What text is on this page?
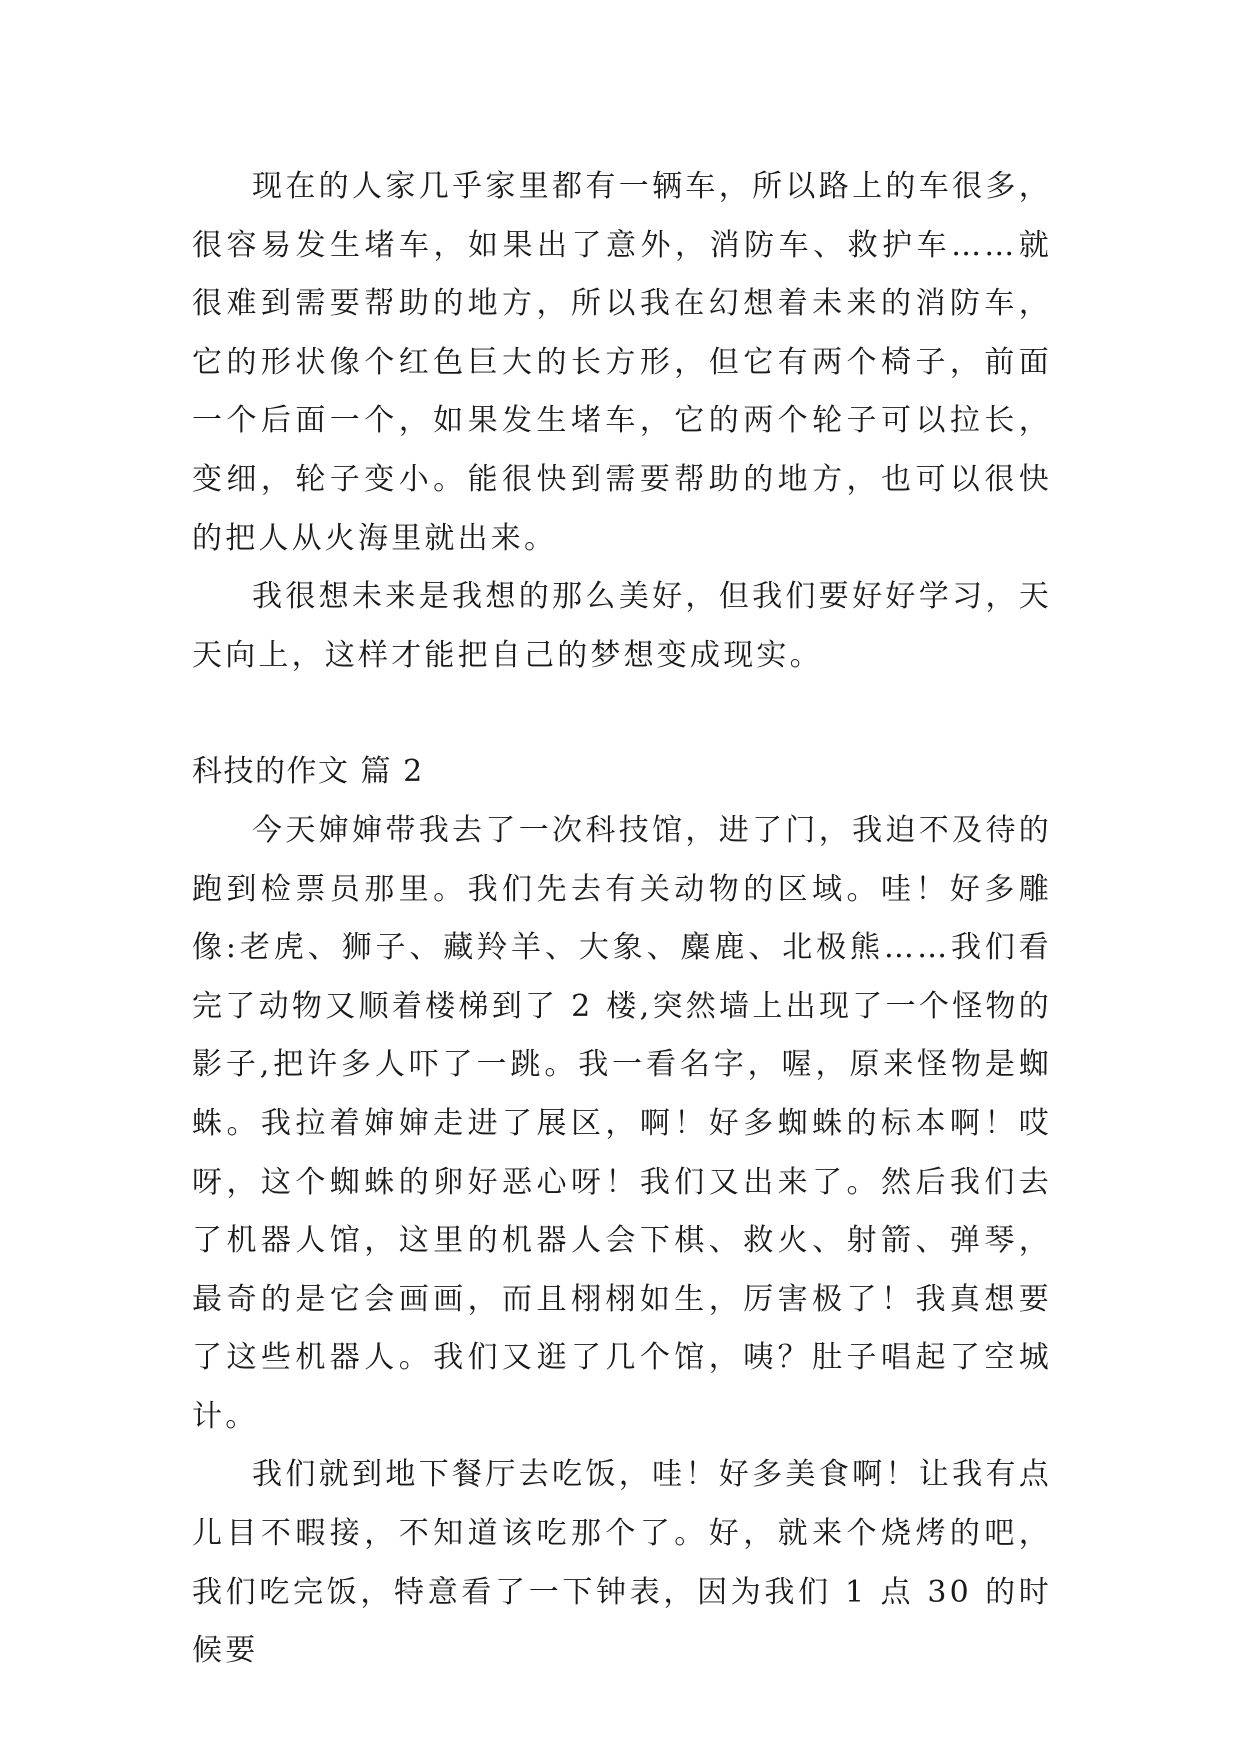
现在的人家几乎家里都有一辆车，所以路上的车很多，很容易发生堵车，如果出了意外，消防车、救护车……就很难到需要帮助的地方，所以我在幻想着未来的消防车，它的形状像个红色巨大的长方形，但它有两个椅子，前面一个后面一个，如果发生堵车，它的两个轮子可以拉长，变细，轮子变小。能很快到需要帮助的地方，也可以很快的把人从火海里就出来。

我很想未来是我想的那么美好，但我们要好好学习，天天向上，这样才能把自己的梦想变成现实。

科技的作文 篇 2

今天婶婶带我去了一次科技馆，进了门，我迫不及待的跑到检票员那里。我们先去有关动物的区域。哇！好多雕像:老虎、狮子、藏羚羊、大象、麋鹿、北极熊……我们看完了动物又顺着楼梯到了 2 楼,突然墙上出现了一个怪物的影子,把许多人吓了一跳。我一看名字，喔，原来怪物是蜘蛛。我拉着婶婶走进了展区，啊！好多蜘蛛的标本啊！哎呀，这个蜘蛛的卵好恶心呀！我们又出来了。然后我们去了机器人馆，这里的机器人会下棋、救火、射箭、弹琴，最奇的是它会画画，而且栩栩如生，厉害极了！我真想要了这些机器人。我们又逛了几个馆，咦？肚子唱起了空城计。

我们就到地下餐厅去吃饭，哇！好多美食啊！让我有点儿目不暇接，不知道该吃那个了。好，就来个烧烤的吧，我们吃完饭，特意看了一下钟表，因为我们 1 点 30 的时候要
